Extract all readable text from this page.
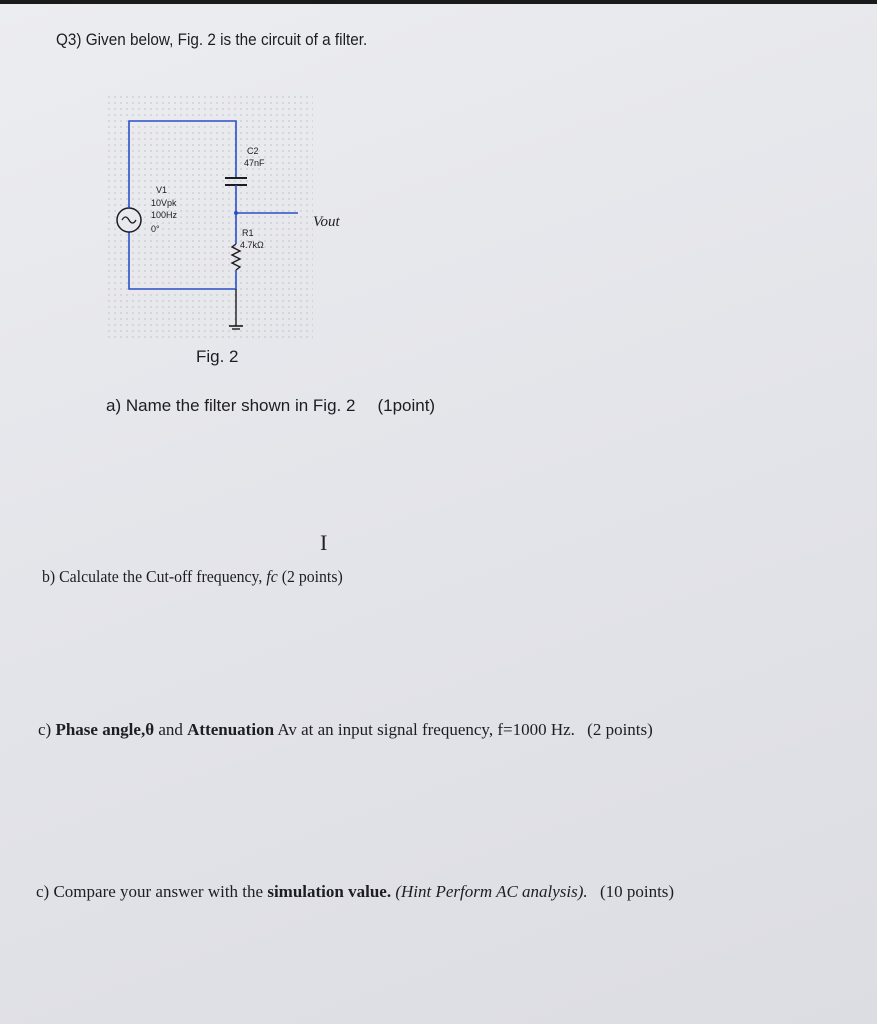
Q3) Given below, Fig. 2 is the circuit of a filter.
C2
47nF
V1
10Vpk
100Hz
0°	R1
4.7kΩ
Vout
Fig. 2
a) Name the filter shown in Fig. 2 (1point)
I
b) Calculate the Cut-off frequency, fc (2 points)
c) Phase angle,θ and Attenuation Av at an input signal frequency, f=1000 Hz. (2 points)
c) Compare your answer with the simulation value. (Hint Perform AC analysis). (10 points)
